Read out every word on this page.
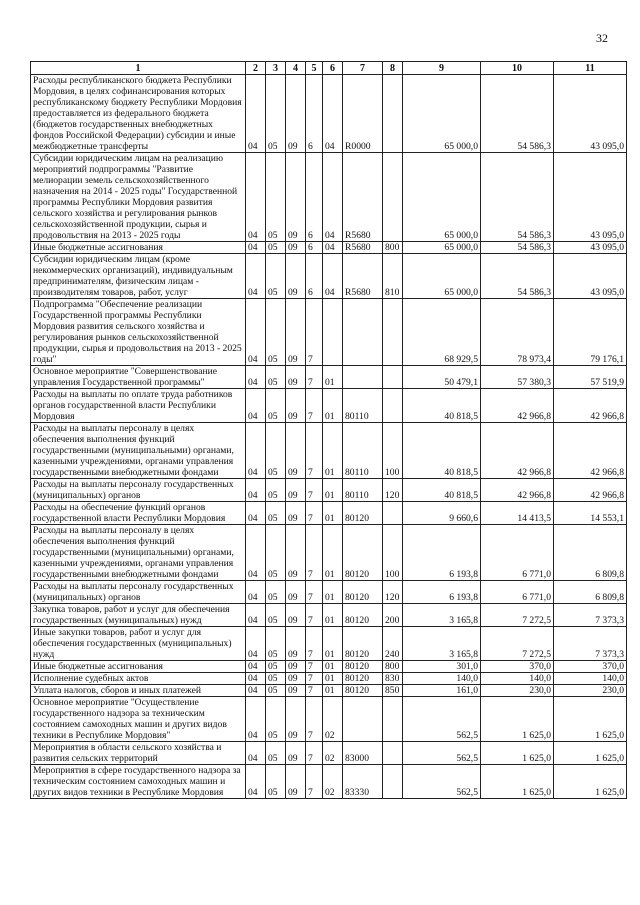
32
1	2	3	4	5	6	7	8	9	10	11
Расходы республиканского бюджета Республики Мордовия, в целях софинансирования которых республиканскому бюджету Республики Мордовия предоставляется из федерального бюджета (бюджетов государственных внебюджетных фондов Российской Федерации) субсидии и иные межбюджетные трансферты	04	05	09	6	04	R0000		65 000,0	54 586,3	43 095,0
Субсидии юридическим лицам на реализацию мероприятий подпрограммы "Развитие мелиорации земель сельскохозяйственного назначения на 2014 - 2025 годы" Государственной программы Республики Мордовия развития сельского хозяйства и регулирования рынков сельскохозяйственной продукции, сырья и продовольствия на 2013 - 2025 годы	04	05	09	6	04	R5680		65 000,0	54 586,3	43 095,0
Иные бюджетные ассигнования	04	05	09	6	04	R5680	800	65 000,0	54 586,3	43 095,0
Субсидии юридическим лицам (кроме некоммерческих организаций), индивидуальным предпринимателям, физическим лицам - производителям товаров, работ, услуг	04	05	09	6	04	R5680	810	65 000,0	54 586,3	43 095,0
Подпрограмма "Обеспечение реализации Государственной программы Республики Мордовия развития сельского хозяйства и регулирования рынков сельскохозяйственной продукции, сырья и продовольствия на 2013 - 2025 годы"	04	05	09	7				68 929,5	78 973,4	79 176,1
Основное мероприятие "Совершенствование управления Государственной программы"	04	05	09	7	01			50 479,1	57 380,3	57 519,9
Расходы на выплаты по оплате труда работников органов государственной власти Республики Мордовия	04	05	09	7	01	80110		40 818,5	42 966,8	42 966,8
Расходы на выплаты персоналу в целях обеспечения выполнения функций государственными (муниципальными) органами, казенными учреждениями, органами управления государственными внебюджетными фондами	04	05	09	7	01	80110	100	40 818,5	42 966,8	42 966,8
Расходы на выплаты персоналу государственных (муниципальных) органов	04	05	09	7	01	80110	120	40 818,5	42 966,8	42 966,8
Расходы на обеспечение функций органов государственной власти Республики Мордовия	04	05	09	7	01	80120		9 660,6	14 413,5	14 553,1
Расходы на выплаты персоналу в целях обеспечения выполнения функций государственными (муниципальными) органами, казенными учреждениями, органами управления государственными внебюджетными фондами	04	05	09	7	01	80120	100	6 193,8	6 771,0	6 809,8
Расходы на выплаты персоналу государственных (муниципальных) органов	04	05	09	7	01	80120	120	6 193,8	6 771,0	6 809,8
Закупка товаров, работ и услуг для обеспечения государственных (муниципальных) нужд	04	05	09	7	01	80120	200	3 165,8	7 272,5	7 373,3
Иные закупки товаров, работ и услуг для обеспечения государственных (муниципальных) нужд	04	05	09	7	01	80120	240	3 165,8	7 272,5	7 373,3
Иные бюджетные ассигнования	04	05	09	7	01	80120	800	301,0	370,0	370,0
Исполнение судебных актов	04	05	09	7	01	80120	830	140,0	140,0	140,0
Уплата налогов, сборов и иных платежей	04	05	09	7	01	80120	850	161,0	230,0	230,0
Основное мероприятие "Осуществление государственного надзора за техническим состоянием самоходных машин и других видов техники в Республике Мордовия"	04	05	09	7	02			562,5	1 625,0	1 625,0
Мероприятия в области сельского хозяйства и развития сельских территорий	04	05	09	7	02	83000		562,5	1 625,0	1 625,0
Мероприятия в сфере государственного надзора за техническим состоянием самоходных машин и других видов техники в Республике Мордовия	04	05	09	7	02	83330		562,5	1 625,0	1 625,0
